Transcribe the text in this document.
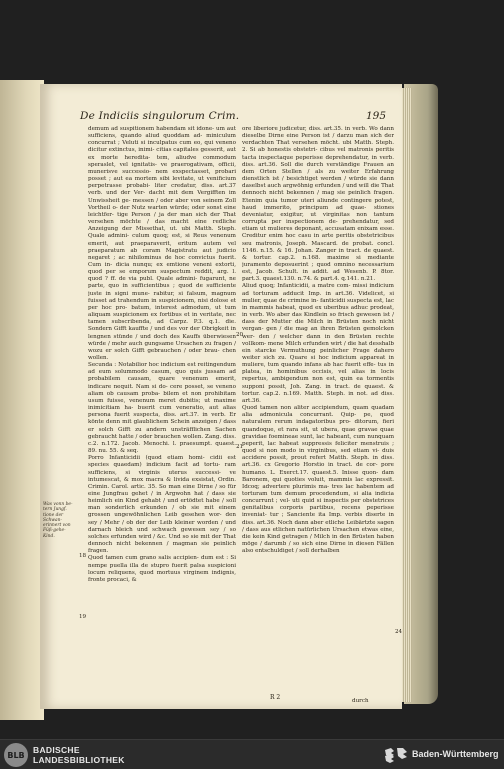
De Indiciis singulorum Crim.	195

demum ad suspitionem habendam sit idone- um aut sufficiens, quando aliud quoddam ad- miniculum concurrat ; Veluti si inculpatus cum eo, qui veneno dicitur extinctus, inimi- citias capitales gesserit, aut ex morte heredita- tem, aliudve commodum speraslet, vel ignitatis- ve praerogativam, officii, munerisve successio- nem exspectasset, probari posset ; aut ea mortem sibi levitate, ut venificium perpetrasse probabi- liter credatur, diss. art.37 verb. und der Ver- dacht mit dem Vergifften im Unwissheit ge- messen / oder aber von seinem Zoll Vortheil o- der Nutz warten würde; oder sonst eine leichtfer- tige Person / ja der man sich der That versehen möchte / das macht eine redliche Anzeigung der Missethat, ut. ubi Matth. Steph. Quale admini- culum quoq; est, si Reus venenum emerit, aut praeparaverit, eritum autem vel praeparatum ab coram Magistratu aut judicio negaret ; ac nihilominus de hoc convictus fuerit. Cum in- dicia nunqu; ex emtione veneni extorti, quod per se emporum suspectum reddit, arg. l. quod ? ff. de via publ. Quale admini- fugarunt, ne parte, quo in sufficientibus ; quod de sufficiente juste in signi mune- rabitur, si falsum, magnum fuisset ad trahendum in suspicionem, nisi dolose et per hoc pro- batum, interest admodum, ut tum aliquam suspicionem ex fortibus et in veritate, nec tamen subscribenda, ad Carpz. P.3. q.1. die. Sondern Gifft kauffte / und des vor der Obrigkeit in lengnen stünde / und doch des Kauffs überwiesen würde / mehr auch gungsame Ursachen zu fragen / wozu er solch Gifft gebrauchen / oder brau- chen wollen.

Secunda : Notabilior hoc indicium est reitingendum ad eum solummodo casum, quo quis jussam ad probabilem causam, quare venenum emerit, indicare nequit. Nam si do- cere posset, se veneno aliam ob causam proba- bilem et non prohibitam usum fuisse, venenum meret dubitis; ut maxime inimicitiam ha- buerit cum veneratio, aut alias persona fuerit suspecta, diss. art.37. in verb. Er könte denn mit glaublichem Schein anzeigen / dass er solch Gifft zu andern unsträfflichen Sachen gebraucht hatte / oder brauchen wollen. Zang. diss. c.2. n.172. Jacob. Menochi. l. praesumpt. quaest. 89. nu. 55. & seq.

Porro Infanticidii (quod etiam homi- cidii est species quaedam) indicium facit ad tortu- ram sufficiens, si virginis uterus successi- ve intumescat, & mox macra & livida exsistat, Ordin. Crimin. Carol. artic. 35. So man eine Dirne / so für eine Jungfrau gehet / in Argwohn hat / dass sie heimlich ein Kind gehabt / und ertödtet habe / soll man sonderlich erkunden / ob sie mit einem grossen ungewöhnlichen Leib gesehen wor- den sey / Mehr / ob der der Leib kleiner worden / und darnach bleich und schwach gewesen sey / so solches erfunden wird / &c. Und so sie mit der That dennoch nicht bekennen / magman sie peinlich fragen.

Quod tamen cum grano salis accipien- dum est : Si nempe puella illa de stupro fuerit palsa suspicioni locum reliquens, quod mortuus virginem indignis, fronte procaci, &

ore liberiore judicetur, diss. art.35. in verb. Wo dann dieselbe Dirne eine Person ist / darzu man sich der verdachten That versehen möcht. ubi Matth. Steph. 2. Si ab honestis obstetri- cibus vel matronis peritis tacta inspectaque peperisse deprehendatur, in verb. diss. art.36. Soll die durch verständige Frauen an dem Orten Stellen / als zu weiter Erfahrung dienstlich ist / besichtiget werden / würde sie dann daselbst auch argwöhnig erfunden / und will die That dennoch nicht bekennen / mag sie peinlich fragen. Etenim quia tumor uteri aliunde contingere potest, haud immerito, principum ad quae- stiones deveniatur, exigitur, ut virginitas non tantum corrupta per inspectionem de- prehendatur, sed etiam ut mulieres deponant, accusatam enixam esse. Creditur enim hoc casu in arte peritis obstetricibus seu matronis, Joseph. Mascard. de probat. concl. 1146. n.15. & 16. Johan. Zanger in tract. de quaest. & tortur. cap.2. n.168. maxime si mediante juramento deposuerint ; quod omnino necessarium est, Jacob. Schult. in addit. ad Wesenb. P. 8tor. part.3. quaest.130. n.74. & part.4. q.141. n.21.

Aliud quoq; Infanticidii, a matre com- missi indicium ad torturam adducit Imp. in art.36. Videlicet, si mulier, quae de crimine in- fanticidii suspecta est, lac in mammis habeat, quod ex uberibus adhuc prodeat, in verb. Wo aber das Kindlein so frisch gewesen ist / dass der Mutter die Milch in Brüsten noch nicht vergan- gen / die mag an ihren Brüsten gemolcken wer- den / welcher dann in den Brüsten rechte vollkom- mene Milch erfunden wirt / die hat desshalb ein starcke Vermuthung peinlicher Frage dahero weiter sich zu. Quare si hoc indicium appareat in muliere, tum quando infans ab hac fuerit effe- tus in platea, in hominibus occisis, vel alias in locis repertus, ambigendum non est, quin ea tormentis supponi possit, Joh. Zang. in tract. de quaest. & tortur. cap.2. n.169. Matth. Steph. in not. ad diss. art.36.

Quod tamen non aliter accipiendum, quam quadam alia admonicula concurrant. Quip- pe, quod naturalem rerum indagatoribus pro- ditorum, fieri quandoque, et rara sit, ut ubera, quae gravae quae gravidae foemineae sunt, lac habeant, cum nunquam peperit, lac habeat suppressis feliciter menstruis ; quod si non modo in virginibus, sed etiam vi- duis accidere possit, prout refert Matth. Steph. in diss. art.36. cx Gregorio Horstio in tract. de cor- pore humano. L. Exerct.17. quaest.5. Inisse quon- dam Baronem, qui quoties voluit, mammis lac expressit. Idcoq; advertere plurimis ma- tres lac habentem ad torturam tum demum procedendum, si alia indicia concurrunt ; vel- uti quid si inspectis per obstetrices genitalibus corporis partibus, recens peperisse inveniat- tur ; Sanciente ita Imp. verbis diserte in diss. art.36. Noch dann aber etliche Leibärtzte sagen / dass aus etlichen natürlichen Ursachen etwas eine, die kein Kind getragen / Milch in den Brüsten haben möge / darumb / so sich eine Dirne in diesen Fällen also entschuldiget / soll derhalben

Was vonn be- tern Jungf. tione der Schwan- erinnert von Füß-gehe- Kind.
18
19
20
21
24
R 2	durch
BLB BADISCHE
LANDESBIBLIOTHEK
Baden-Württemberg
